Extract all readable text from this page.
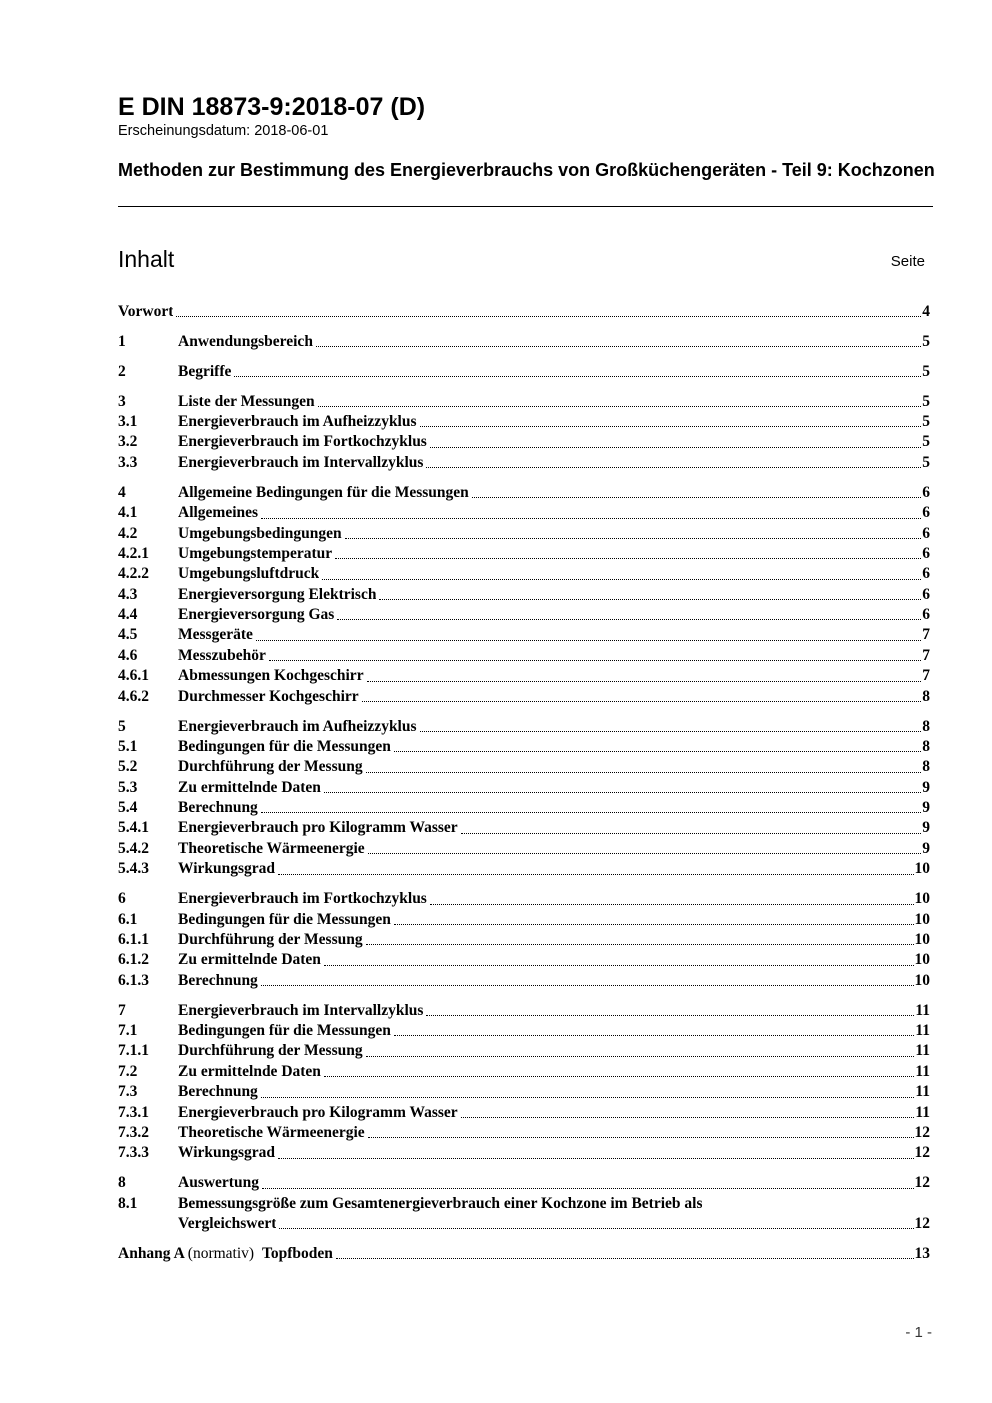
E DIN 18873-9:2018-07 (D)
Erscheinungsdatum: 2018-06-01
Methoden zur Bestimmung des Energieverbrauchs von Großküchengeräten - Teil 9: Kochzonen
Inhalt	Seite
Vorwort	4
1	Anwendungsbereich	5
2	Begriffe	5
3	Liste der Messungen	5
3.1	Energieverbrauch im Aufheizzyklus	5
3.2	Energieverbrauch im Fortkochzyklus	5
3.3	Energieverbrauch im Intervallzyklus	5
4	Allgemeine Bedingungen für die Messungen	6
4.1	Allgemeines	6
4.2	Umgebungsbedingungen	6
4.2.1	Umgebungstemperatur	6
4.2.2	Umgebungsluftdruck	6
4.3	Energieversorgung Elektrisch	6
4.4	Energieversorgung Gas	6
4.5	Messgeräte	7
4.6	Messzubehör	7
4.6.1	Abmessungen Kochgeschirr	7
4.6.2	Durchmesser Kochgeschirr	8
5	Energieverbrauch im Aufheizzyklus	8
5.1	Bedingungen für die Messungen	8
5.2	Durchführung der Messung	8
5.3	Zu ermittelnde Daten	9
5.4	Berechnung	9
5.4.1	Energieverbrauch pro Kilogramm Wasser	9
5.4.2	Theoretische Wärmeenergie	9
5.4.3	Wirkungsgrad	10
6	Energieverbrauch im Fortkochzyklus	10
6.1	Bedingungen für die Messungen	10
6.1.1	Durchführung der Messung	10
6.1.2	Zu ermittelnde Daten	10
6.1.3	Berechnung	10
7	Energieverbrauch im Intervallzyklus	11
7.1	Bedingungen für die Messungen	11
7.1.1	Durchführung der Messung	11
7.2	Zu ermittelnde Daten	11
7.3	Berechnung	11
7.3.1	Energieverbrauch pro Kilogramm Wasser	11
7.3.2	Theoretische Wärmeenergie	12
7.3.3	Wirkungsgrad	12
8	Auswertung	12
8.1	Bemessungsgröße zum Gesamtenergieverbrauch einer Kochzone im Betrieb als
Vergleichswert	12
Anhang A (normativ) Topfboden	13
- 1 -
